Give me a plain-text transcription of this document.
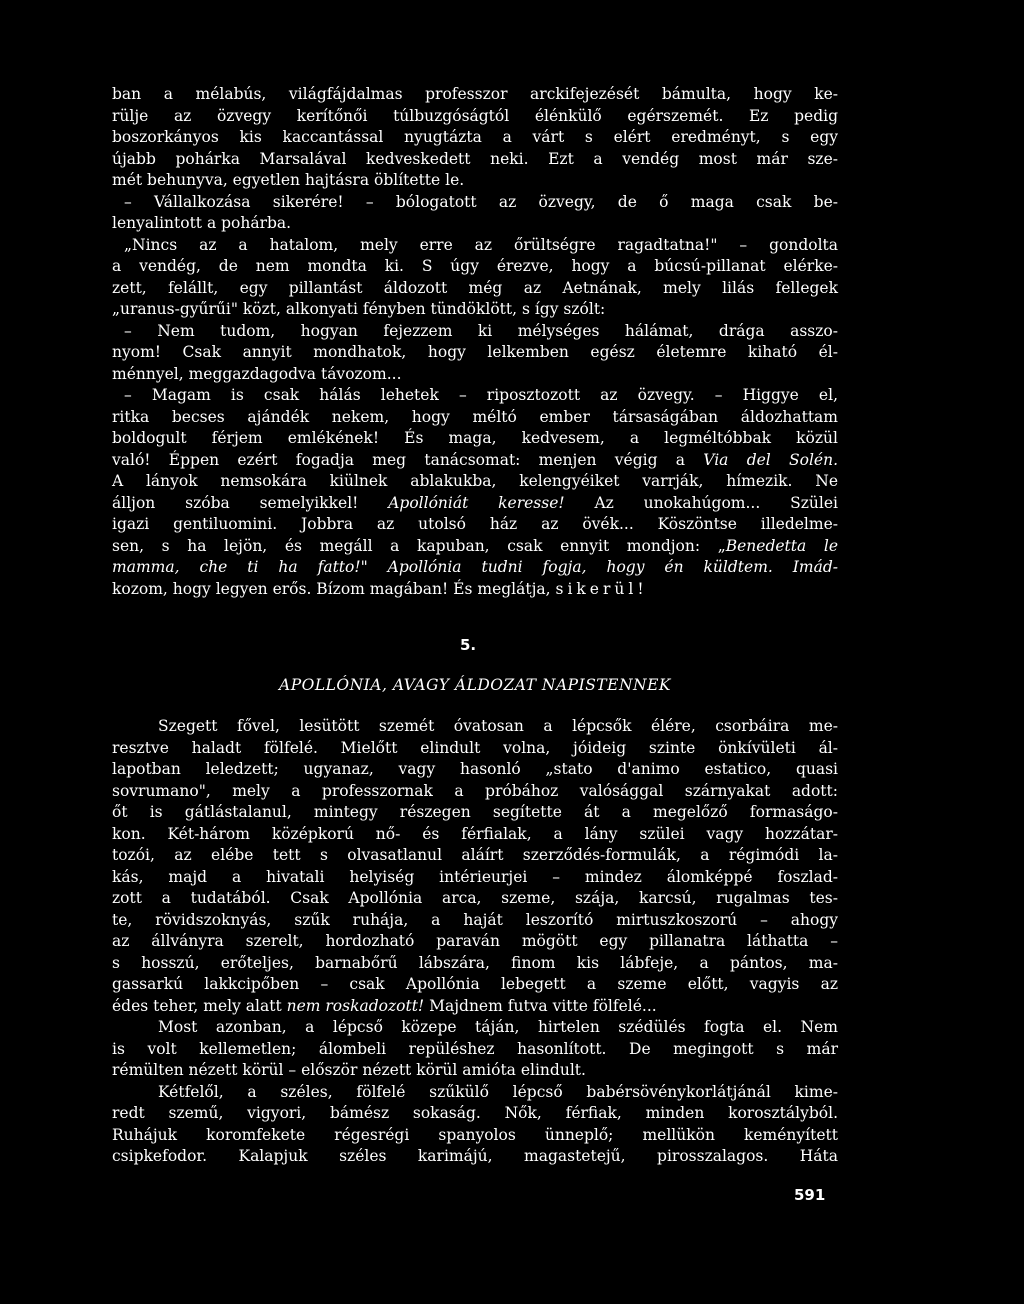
ban a mélabús, világfájdalmas professzor arckifejezését bámulta, hogy ke-
rülje az özvegy kerítőnői túlbuzgóságtól élénkülő egérszemét. Ez pedig
boszorkányos kis kaccantással nyugtázta a várt s elért eredményt, s egy
újabb pohárka Marsalával kedveskedett neki. Ezt a vendég most már sze-
mét behunyva, egyetlen hajtásra öblítette le.
– Vállalkozása sikerére! – bólogatott az özvegy, de ő maga csak be-
lenyalintott a pohárba.
„Nincs az a hatalom, mely erre az őrültségre ragadtatna!" – gondolta
a vendég, de nem mondta ki. S úgy érezve, hogy a búcsú-pillanat elérke-
zett, felállt, egy pillantást áldozott még az Aetnának, mely lilás fellegek
„uranus-gyűrűi" közt, alkonyati fényben tündöklött, s így szólt:
– Nem tudom, hogyan fejezzem ki mélységes hálámat, drága asszo-
nyom! Csak annyit mondhatok, hogy lelkemben egész életemre kiható él-
ménnyel, meggazdagodva távozom...
– Magam is csak hálás lehetek – riposztozott az özvegy. – Higgye el,
ritka becses ajándék nekem, hogy méltó ember társaságában áldozhattam
boldogult férjem emlékének! És maga, kedvesem, a legméltóbbak közül
való! Éppen ezért fogadja meg tanácsomat: menjen végig a Via del Solén.
A lányok nemsokára kiülnek ablakukba, kelengyéiket varrják, hímezik. Ne
álljon szóba semelyikkel! Apollóniát keresse! Az unokahúgom... Szülei
igazi gentiluomini. Jobbra az utolsó ház az övék... Köszöntse illedelme-
sen, s ha lejön, és megáll a kapuban, csak ennyit mondjon: „Benedetta le
mamma, che ti ha fatto!" Apollónia tudni fogja, hogy én küldtem. Imád-
kozom, hogy legyen erős. Bízom magában! És meglátja, sikerül!
5.
APOLLÓNIA, AVAGY ÁLDOZAT NAPISTENNEK
Szegett fővel, lesütött szemét óvatosan a lépcsők élére, csorbáira me-
resztve haladt fölfelé. Mielőtt elindult volna, jóideig szinte önkívületi ál-
lapotban leledzett; ugyanaz, vagy hasonló „stato d'animo estatico, quasi
sovrumano", mely a professzornak a próbához valósággal szárnyakat adott:
őt is gátlástalanul, mintegy részegen segítette át a megelőző formaságo-
kon. Két-három középkorú nő- és férfialak, a lány szülei vagy hozzátar-
tozói, az elébe tett s olvasatlanul aláírt szerződés-formulák, a régimódi la-
kás, majd a hivatali helyiség intérieurjei – mindez álomképpé foszlad-
zott a tudatából. Csak Apollónia arca, szeme, szája, karcsú, rugalmas tes-
te, rövidszoknyás, szűk ruhája, a haját leszorító mirtuszkoszorú – ahogy
az állványra szerelt, hordozható paraván mögött egy pillanatra láthatta –
s hosszú, erőteljes, barnabőrű lábszára, finom kis lábfeje, a pántos, ma-
gassarkú lakkcipőben – csak Apollónia lebegett a szeme előtt, vagyis az
édes teher, mely alatt nem roskadozott! Majdnem futva vitte fölfelé...
Most azonban, a lépcső közepe táján, hirtelen szédülés fogta el. Nem
is volt kellemetlen; álombeli repüléshez hasonlított. De megingott s már
rémülten nézett körül – először nézett körül amióta elindult.
Kétfelől, a széles, fölfelé szűkülő lépcső babérsövénykorlátjánál kime-
redt szemű, vigyori, bámész sokaság. Nők, férfiak, minden korosztályból.
Ruhájuk koromfekete régesrégi spanyolos ünneplő; mellükön keményített
csipkefodor. Kalapjuk széles karimájú, magastetejű, pirosszalagos. Háta
591
